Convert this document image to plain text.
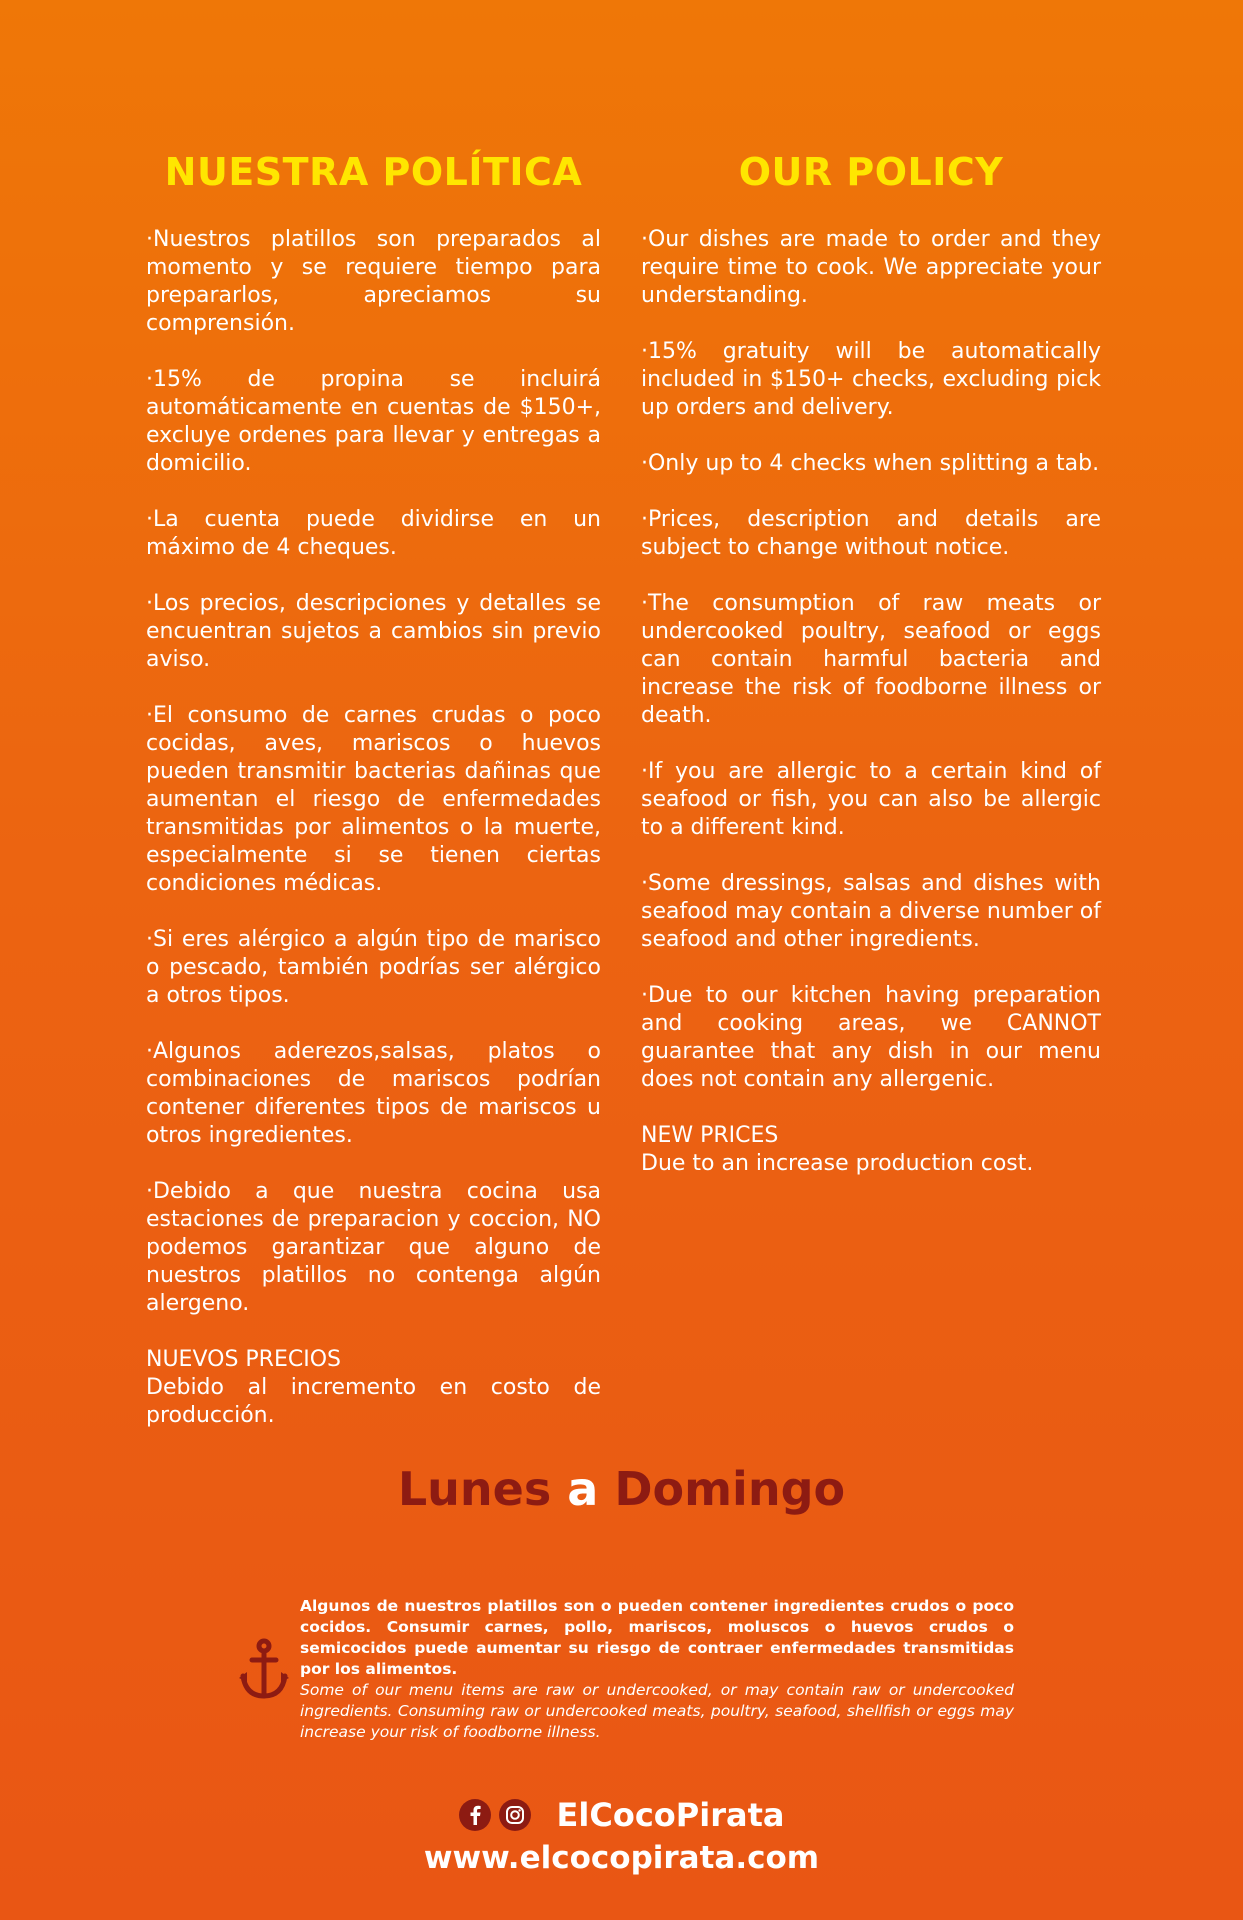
NUESTRA POLÍTICA

·Nuestros platillos son preparados al momento y se requiere tiempo para prepararlos, apreciamos su comprensión.

·15% de propina se incluirá automáticamente en cuentas de $150+, excluye ordenes para llevar y entregas a domicilio.

·La cuenta puede dividirse en un máximo de 4 cheques.

·Los precios, descripciones y detalles se encuentran sujetos a cambios sin previo aviso.

·El consumo de carnes crudas o poco cocidas, aves, mariscos o huevos pueden transmitir bacterias dañinas que aumentan el riesgo de enfermedades transmitidas por alimentos o la muerte, especialmente si se tienen ciertas condiciones médicas.

·Si eres alérgico a algún tipo de marisco o pescado, también podrías ser alérgico a otros tipos.

·Algunos aderezos,salsas, platos o combinaciones de mariscos podrían contener diferentes tipos de mariscos u otros ingredientes.

·Debido a que nuestra cocina usa estaciones de preparacion y coccion, NO podemos garantizar que alguno de nuestros platillos no contenga algún alergeno.

NUEVOS PRECIOS

Debido al incremento en costo de producción.

OUR POLICY

·Our dishes are made to order and they require time to cook. We appreciate your understanding.

·15% gratuity will be automatically included in $150+ checks, excluding pick up orders and delivery.

·Only up to 4 checks when splitting a tab.

·Prices, description and details are subject to change without notice.

·The consumption of raw meats or undercooked poultry, seafood or eggs can contain harmful bacteria and increase the risk of foodborne illness or death.

·If you are allergic to a certain kind of seafood or fish, you can also be allergic to a different kind.

·Some dressings, salsas and dishes with seafood may contain a diverse number of seafood and other ingredients.

·Due to our kitchen having preparation and cooking areas, we CANNOT guarantee that any dish in our menu does not contain any allergenic.

NEW PRICES

Due to an increase production cost.

Lunes a Domingo
Algunos de nuestros platillos son o pueden contener ingredientes crudos o poco cocidos. Consumir carnes, pollo, mariscos, moluscos o huevos crudos o semicocidos puede aumentar su riesgo de contraer enfermedades transmitidas por los alimentos.
Some of our menu items are raw or undercooked, or may contain raw or undercooked ingredients. Consuming raw or undercooked meats, poultry, seafood, shellfish or eggs may increase your risk of foodborne illness.
ElCocoPirata
www.elcocopirata.com
